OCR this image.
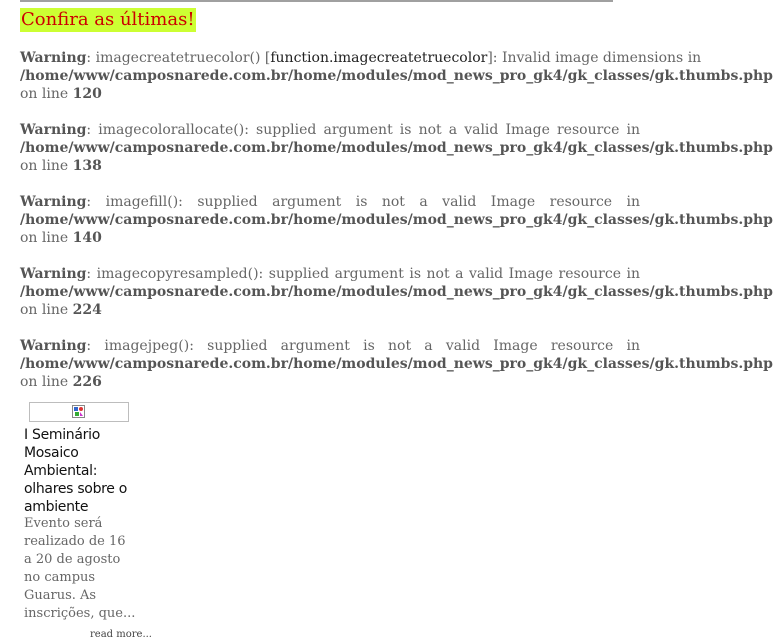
Confira as últimas!
Warning: imagecreatetruecolor() [function.imagecreatetruecolor]: Invalid image dimensions in
/home/www/camposnarede.com.br/home/modules/mod_news_pro_gk4/gk_classes/gk.thumbs.php
on line 120
Warning: imagecolorallocate(): supplied argument is not a valid Image resource in
/home/www/camposnarede.com.br/home/modules/mod_news_pro_gk4/gk_classes/gk.thumbs.php
on line 138
Warning: imagefill(): supplied argument is not a valid Image resource in
/home/www/camposnarede.com.br/home/modules/mod_news_pro_gk4/gk_classes/gk.thumbs.php
on line 140
Warning: imagecopyresampled(): supplied argument is not a valid Image resource in
/home/www/camposnarede.com.br/home/modules/mod_news_pro_gk4/gk_classes/gk.thumbs.php
on line 224
Warning: imagejpeg(): supplied argument is not a valid Image resource in
/home/www/camposnarede.com.br/home/modules/mod_news_pro_gk4/gk_classes/gk.thumbs.php
on line 226
I Seminário Mosaico Ambiental: olhares sobre o ambiente
Evento será realizado de 16 a 20 de agosto no campus Guarus. As inscrições, que...
read more...
